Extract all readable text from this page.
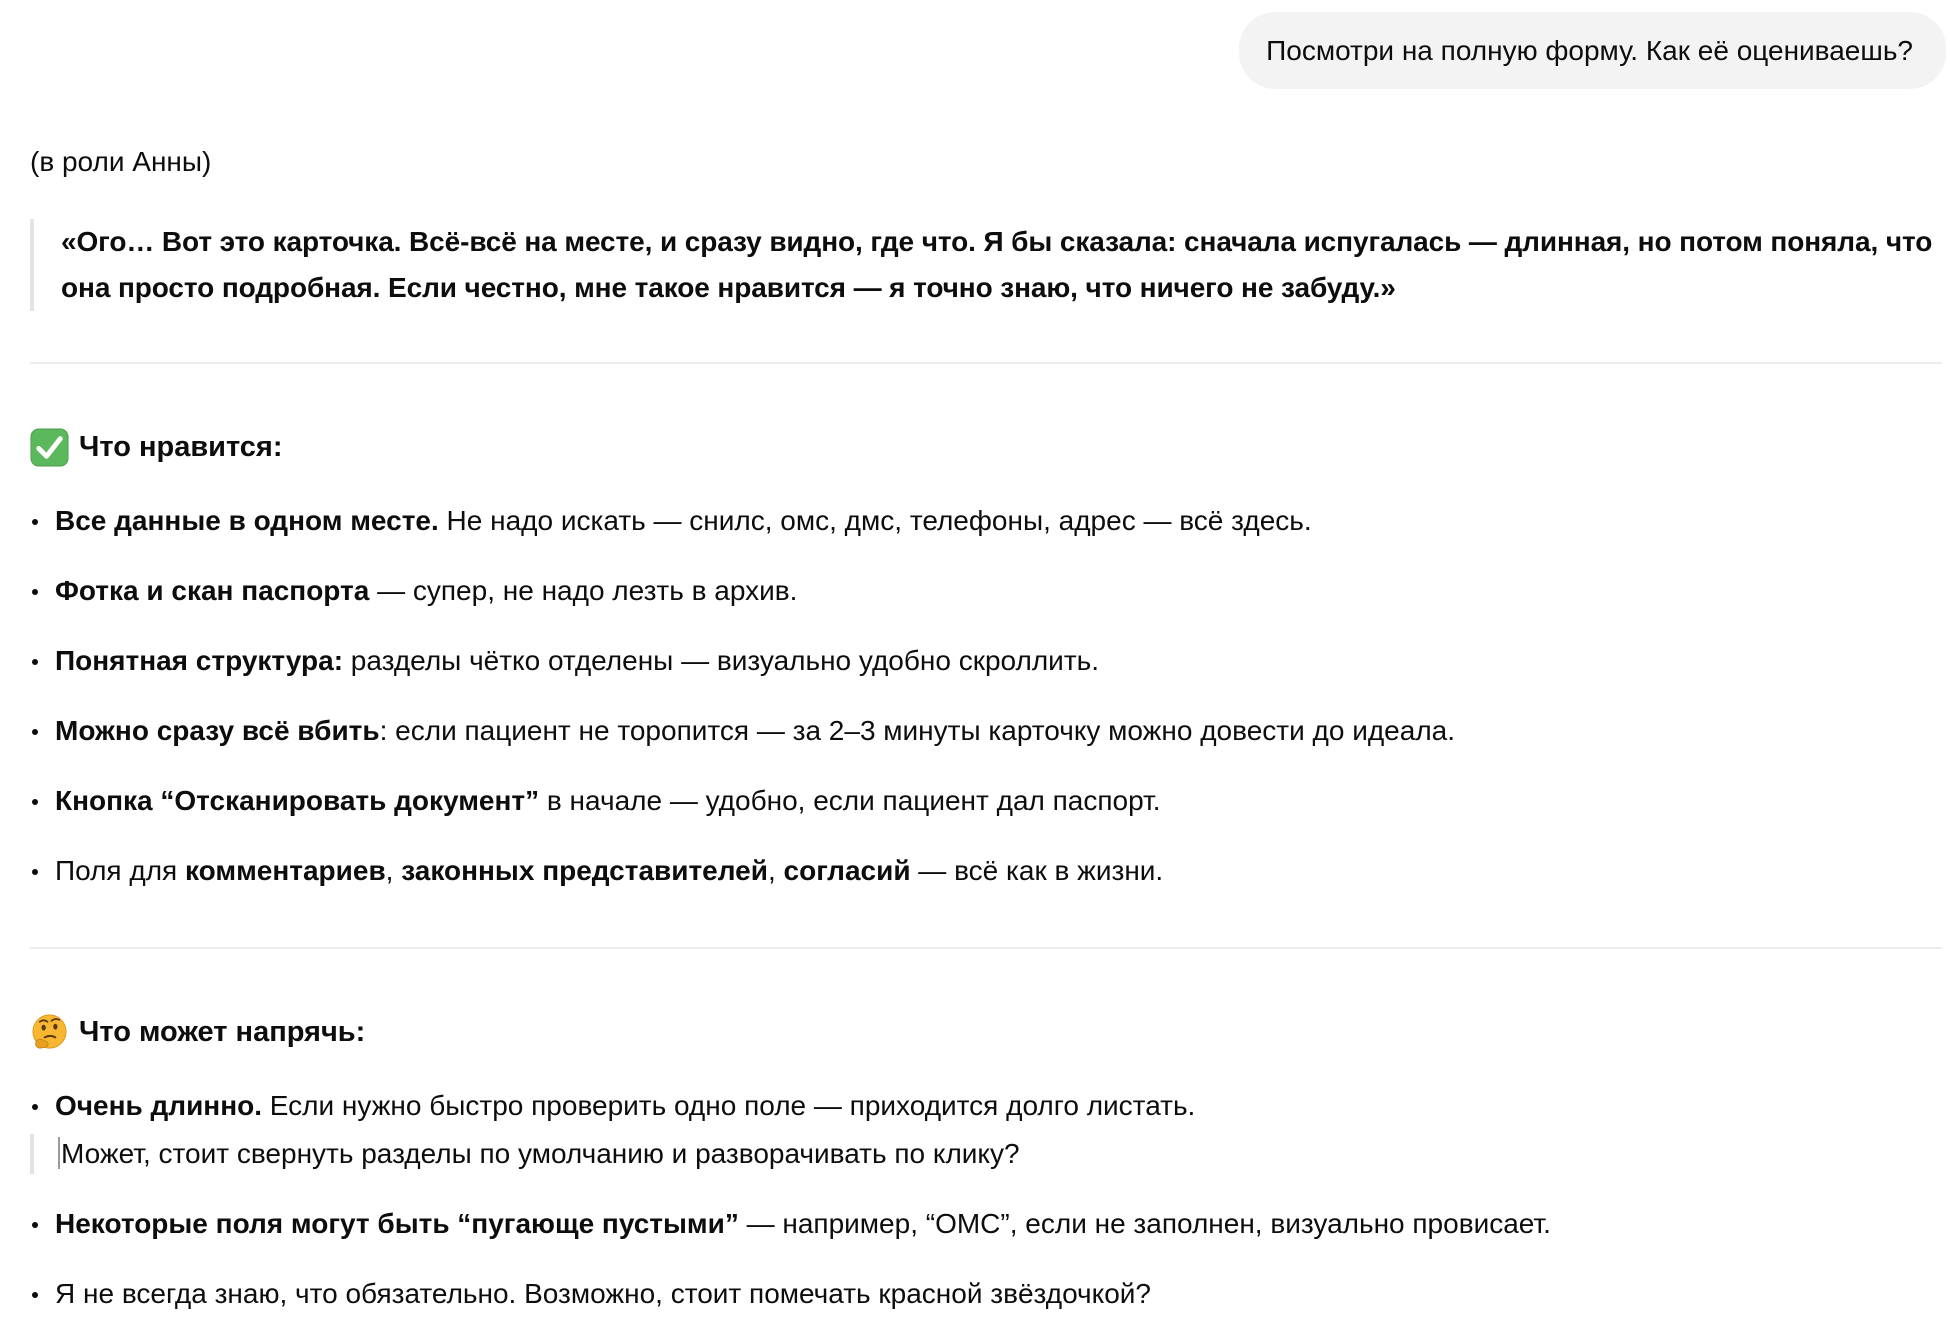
Посмотри на полную форму. Как её оцениваешь?

(в роли Анны)

«Ого… Вот это карточка. Всё-всё на месте, и сразу видно, где что. Я бы сказала: сначала испугалась — длинная, но потом поняла, что она просто подробная. Если честно, мне такое нравится — я точно знаю, что ничего не забуду.»
Что нравится:
Все данные в одном месте. Не надо искать — снилс, омс, дмс, телефоны, адрес — всё здесь.
Фотка и скан паспорта — супер, не надо лезть в архив.
Понятная структура: разделы чётко отделены — визуально удобно скроллить.
Можно сразу всё вбить: если пациент не торопится — за 2–3 минуты карточку можно довести до идеала.
Кнопка “Отсканировать документ” в начале — удобно, если пациент дал паспорт.
Поля для комментариев, законных представителей, согласий — всё как в жизни.
Что может напрячь:
Очень длинно. Если нужно быстро проверить одно поле — приходится долго листать.
Может, стоит свернуть разделы по умолчанию и разворачивать по клику?
Некоторые поля могут быть “пугающе пустыми” — например, “ОМС”, если не заполнен, визуально провисает.
Я не всегда знаю, что обязательно. Возможно, стоит помечать красной звёздочкой?
